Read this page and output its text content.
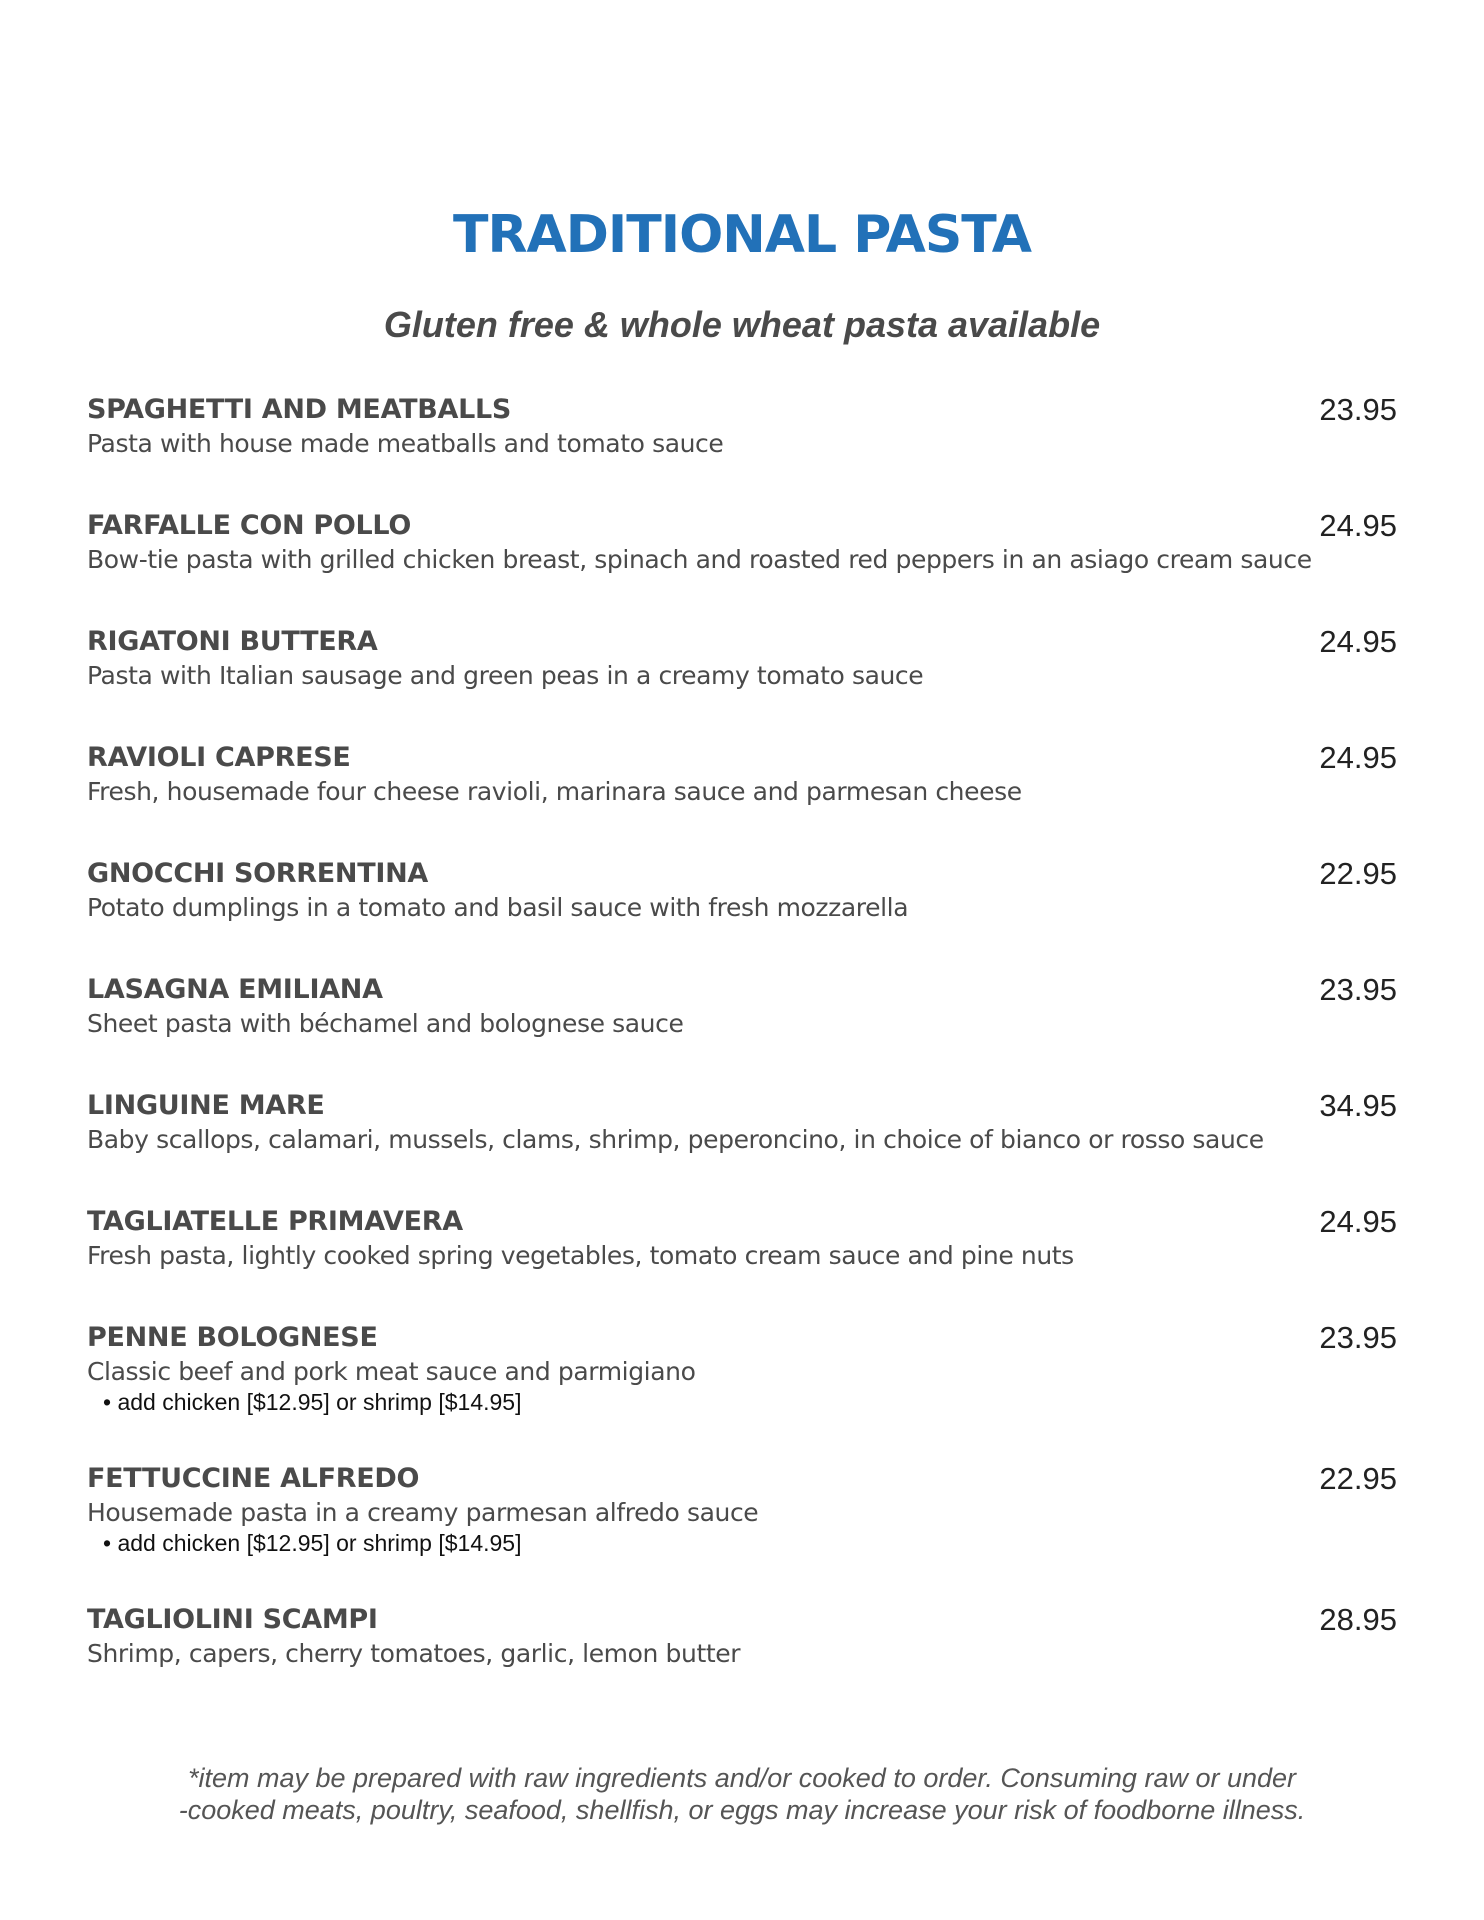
TRADITIONAL PASTA
Gluten free & whole wheat pasta available
SPAGHETTI AND MEATBALLS	23.95
Pasta with house made meatballs and tomato sauce
FARFALLE CON POLLO	24.95
Bow-tie pasta with grilled chicken breast, spinach and roasted red peppers in an asiago cream sauce
RIGATONI BUTTERA	24.95
Pasta with Italian sausage and green peas in a creamy tomato sauce
RAVIOLI CAPRESE	24.95
Fresh, housemade four cheese ravioli, marinara sauce and parmesan cheese
GNOCCHI SORRENTINA	22.95
Potato dumplings in a tomato and basil sauce with fresh mozzarella
LASAGNA EMILIANA	23.95
Sheet pasta with béchamel and bolognese sauce
LINGUINE MARE	34.95
Baby scallops, calamari, mussels, clams, shrimp, peperoncino, in choice of bianco or rosso sauce
TAGLIATELLE PRIMAVERA	24.95
Fresh pasta, lightly cooked spring vegetables, tomato cream sauce and pine nuts
PENNE BOLOGNESE	23.95
Classic beef and pork meat sauce and parmigiano
• add chicken [$12.95] or shrimp [$14.95]
FETTUCCINE ALFREDO	22.95
Housemade pasta in a creamy parmesan alfredo sauce
• add chicken [$12.95] or shrimp [$14.95]
TAGLIOLINI SCAMPI	28.95
Shrimp, capers, cherry tomatoes, garlic, lemon butter
*item may be prepared with raw ingredients and/or cooked to order. Consuming raw or under
-cooked meats, poultry, seafood, shellfish, or eggs may increase your risk of foodborne illness.
